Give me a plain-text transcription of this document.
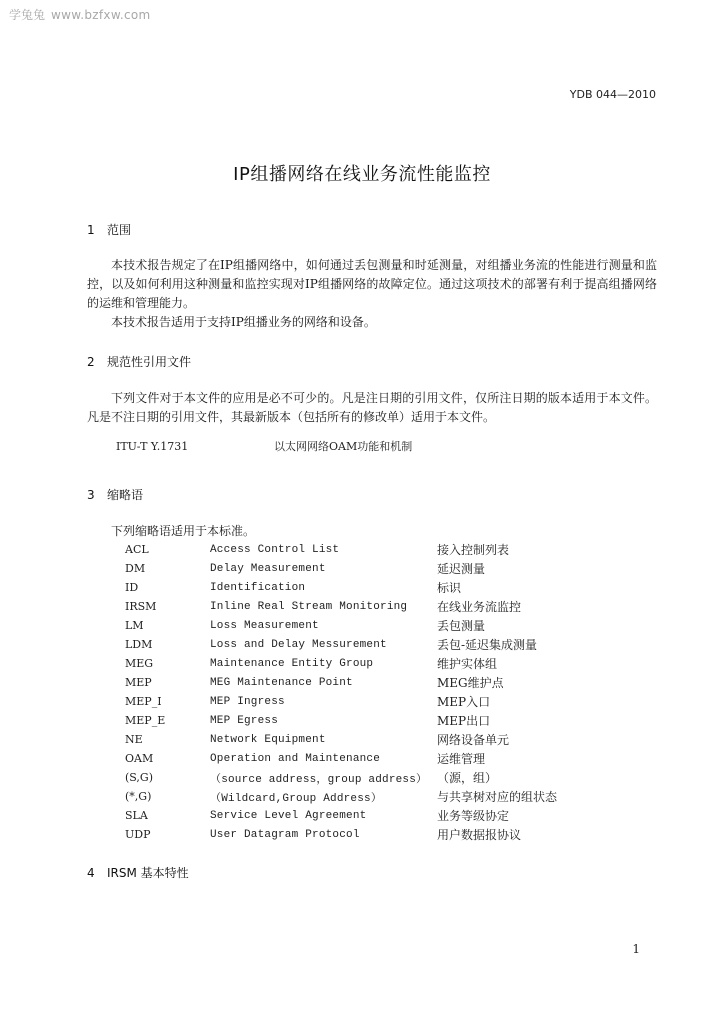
学兔兔 www.bzfxw.com
YDB 044—2010
IP组播网络在线业务流性能监控
1 范围

本技术报告规定了在IP组播网络中，如何通过丢包测量和时延测量，对组播业务流的性能进行测量和监控，以及如何利用这种测量和监控实现对IP组播网络的故障定位。通过这项技术的部署有利于提高组播网络的运维和管理能力。

本技术报告适用于支持IP组播业务的网络和设备。

2 规范性引用文件

下列文件对于本文件的应用是必不可少的。凡是注日期的引用文件，仅所注日期的版本适用于本文件。凡是不注日期的引用文件，其最新版本（包括所有的修改单）适用于本文件。

ITU-T Y.1731	以太网网络OAM功能和机制
3 缩略语
下列缩略语适用于本标准。
ACL	Access Control List	接入控制列表
DM	Delay Measurement	延迟测量
ID	Identification	标识
IRSM	Inline Real Stream Monitoring	在线业务流监控
LM	Loss Measurement	丢包测量
LDM	Loss and Delay Messurement	丢包-延迟集成测量
MEG	Maintenance Entity Group	维护实体组
MEP	MEG Maintenance Point	MEG维护点
MEP_I	MEP Ingress	MEP入口
MEP_E	MEP Egress	MEP出口
NE	Network Equipment	网络设备单元
OAM	Operation and Maintenance	运维管理
(S,G)	（source address，group address）	（源，组）
(*,G)	（Wildcard,Group Address）	与共享树对应的组状态
SLA	Service Level Agreement	业务等级协定
UDP	User Datagram Protocol	用户数据报协议
4 IRSM 基本特性
1
